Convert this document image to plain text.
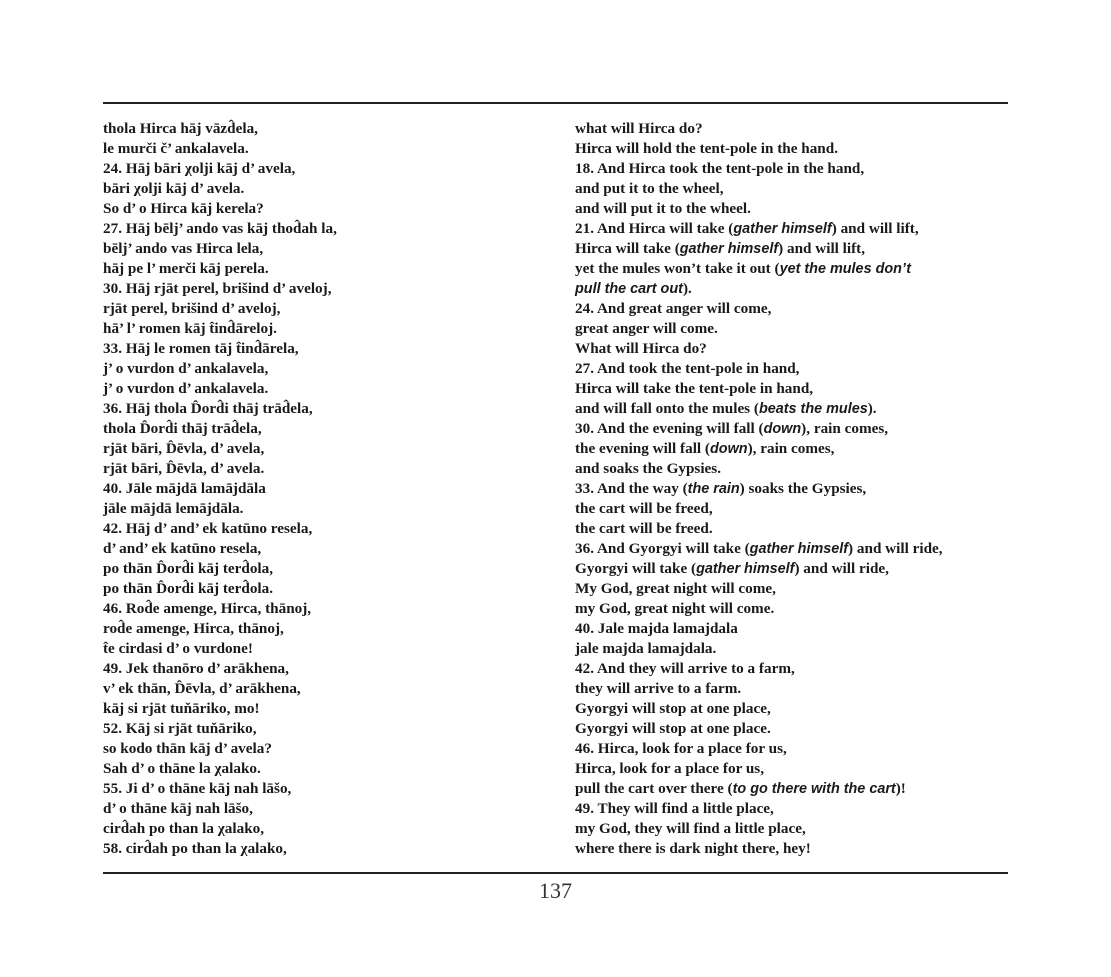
thola Hirca hāj vāzd̂ela,
le murči č’ ankalavela.
24. Hāj bāri χolji kāj d’ avela,
bāri χolji kāj d’ avela.
So d’ o Hirca kāj kerela?
27. Hāj bēlj’ ando vas kāj thod̂ah la,
bēlj’ ando vas Hirca lela,
hāj pe l’ merči kāj perela.
30. Hāj rjāt perel, brišind d’ aveloj,
rjāt perel, brišind d’ aveloj,
hā’ l’ romen kāj t̂ind̂āreloj.
33. Hāj le romen tāj t̂ind̂ārela,
j’ o vurdon d’ ankalavela,
j’ o vurdon d’ ankalavela.
36. Hāj thola D̂ord̂i thāj trād̂ela,
thola D̂ord̂i thāj trād̂ela,
rjāt bāri, D̂ēvla, d’ avela,
rjāt bāri, D̂ēvla, d’ avela.
40. Jāle mājdā lamājdāla
jāle mājdā lemājdāla.
42. Hāj d’ and’ ek katūno resela,
d’ and’ ek katūno resela,
po thān D̂ord̂i kāj terd̂ola,
po thān D̂ord̂i kāj terd̂ola.
46. Rod̂e amenge, Hirca, thānoj,
rod̂e amenge, Hirca, thānoj,
t̂e cirdasi d’ o vurdone!
49. Jek thanōro d’ arākhena,
v’ ek thān, D̂ēvla, d’ arākhena,
kāj si rjāt tuňāriko, mo!
52. Kāj si rjāt tuňāriko,
so kodo thān kāj d’ avela?
Sah d’ o thāne la χalako.
55. Ji d’ o thāne kāj nah lāšo,
d’ o thāne kāj nah lāšo,
cird̂ah po than la χalako,
58. cird̂ah po than la χalako,
what will Hirca do?
Hirca will hold the tent-pole in the hand.
18. And Hirca took the tent-pole in the hand,
and put it to the wheel,
and will put it to the wheel.
21. And Hirca will take (gather himself) and will lift,
Hirca will take (gather himself) and will lift,
yet the mules won’t take it out (yet the mules don’t
pull the cart out).
24. And great anger will come,
great anger will come.
What will Hirca do?
27. And took the tent-pole in hand,
Hirca will take the tent-pole in hand,
and will fall onto the mules (beats the mules).
30. And the evening will fall (down), rain comes,
the evening will fall (down), rain comes,
and soaks the Gypsies.
33. And the way (the rain) soaks the Gypsies,
the cart will be freed,
the cart will be freed.
36. And Gyorgyi will take (gather himself) and will ride,
Gyorgyi will take (gather himself) and will ride,
My God, great night will come,
my God, great night will come.
40. Jale majda lamajdala
jale majda lamajdala.
42. And they will arrive to a farm,
they will arrive to a farm.
Gyorgyi will stop at one place,
Gyorgyi will stop at one place.
46. Hirca, look for a place for us,
Hirca, look for a place for us,
pull the cart over there (to go there with the cart)!
49. They will find a little place,
my God, they will find a little place,
where there is dark night there, hey!
137
